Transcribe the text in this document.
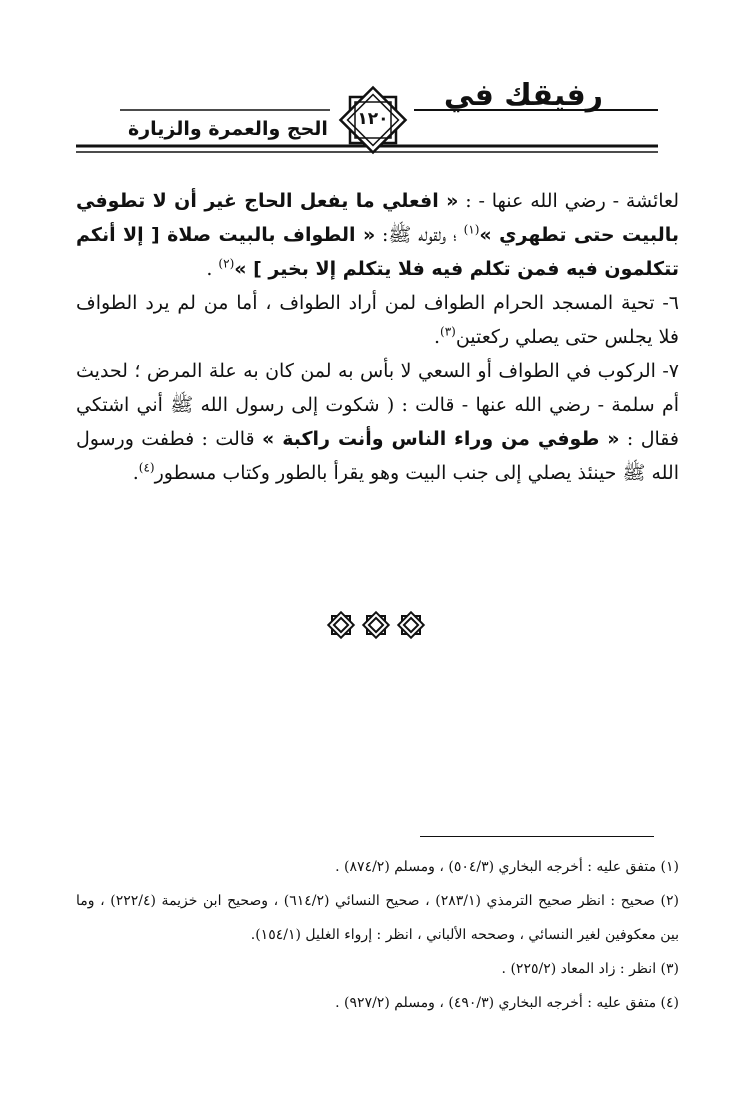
رفيقك في
الحج والعمرة والزيارة	١٢٠

لعائشة - رضي الله عنها - : « افعلي ما يفعل الحاج غير أن لا تطوفي بالبيت حتى تطهري »$^{(١)}$ ؛ ولقوله ﷺ: « الطواف بالبيت صلاة [ إلا أنكم تتكلمون فيه فمن تكلم فيه فلا يتكلم إلا بخير ] »$^{(٢)}$ .

٦- تحية المسجد الحرام الطواف لمن أراد الطواف ، أما من لم يرد الطواف فلا يجلس حتى يصلي ركعتين$^{(٣)}$.

٧- الركوب في الطواف أو السعي لا بأس به لمن كان به علة المرض ؛ لحديث أم سلمة - رضي الله عنها - قالت : ( شكوت إلى رسول الله ﷺ أني اشتكي فقال : « طوفي من وراء الناس وأنت راكبة » قالت : فطفت ورسول الله ﷺ حينئذ يصلي إلى جنب البيت وهو يقرأ بالطور وكتاب مسطور$^{(٤)}$.

(١) متفق عليه : أخرجه البخاري (٥٠٤/٣) ، ومسلم (٨٧٤/٢) .

(٢) صحيح : انظر صحيح الترمذي (٢٨٣/١) ، صحيح النسائي (٦١٤/٢) ، وصحيح ابن خزيمة (٢٢٢/٤) ، وما بين معكوفين لغير النسائي ، وصححه الألباني ، انظر : إرواء الغليل (١٥٤/١).

(٣) انظر : زاد المعاد (٢٢٥/٢) .

(٤) متفق عليه : أخرجه البخاري (٤٩٠/٣) ، ومسلم (٩٢٧/٢) .
